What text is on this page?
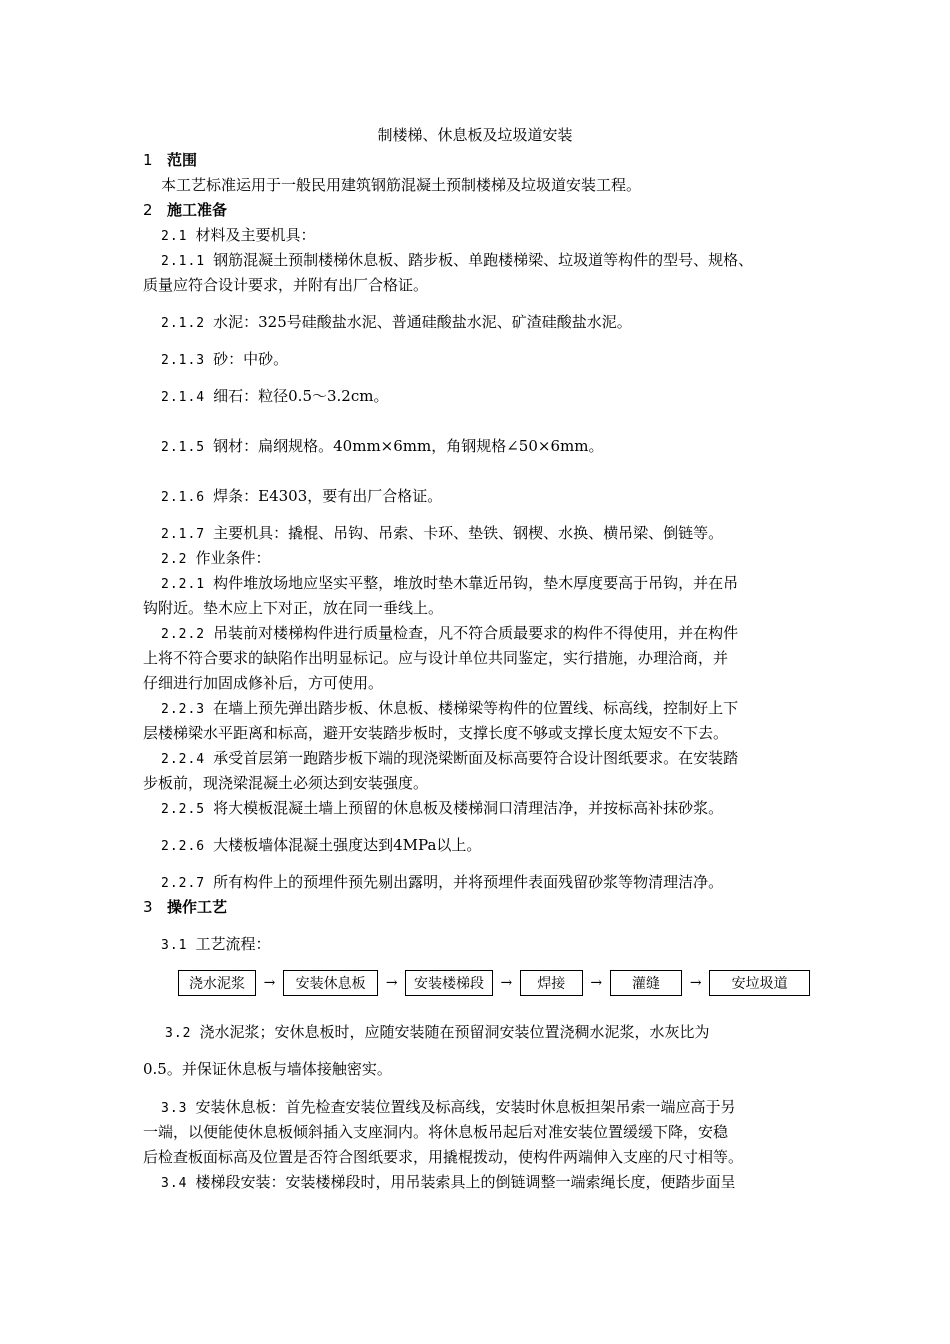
制楼梯、休息板及垃圾道安装
1 范围
本工艺标准运用于一般民用建筑钢筋混凝土预制楼梯及垃圾道安装工程。
2 施工准备
2.1 材料及主要机具：
2.1.1 钢筋混凝土预制楼梯休息板、踏步板、单跑楼梯梁、垃圾道等构件的型号、规格、
质量应符合设计要求，并附有出厂合格证。
2.1.2 水泥：325号硅酸盐水泥、普通硅酸盐水泥、矿渣硅酸盐水泥。
2.1.3 砂：中砂。
2.1.4 细石：粒径0.5～3.2cm。
2.1.5 钢材：扁纲规格。40mm×6mm，角钢规格∠50×6mm。
2.1.6 焊条：E4303，要有出厂合格证。
2.1.7 主要机具：撬棍、吊钩、吊索、卡环、垫铁、钢楔、水换、横吊梁、倒链等。
2.2 作业条件：
2.2.1 构件堆放场地应坚实平整，堆放时垫木靠近吊钩，垫木厚度要高于吊钩，并在吊
钩附近。垫木应上下对正，放在同一垂线上。
2.2.2 吊装前对楼梯构件进行质量检查，凡不符合质最要求的构件不得使用，并在构件
上将不符合要求的缺陷作出明显标记。应与设计单位共同鉴定，实行措施，办理洽商，并
仔细进行加固成修补后，方可使用。
2.2.3 在墙上预先弹出踏步板、休息板、楼梯梁等构件的位置线、标高线，控制好上下
层楼梯梁水平距离和标高，避开安装踏步板时，支撑长度不够或支撑长度太短安不下去。
2.2.4 承受首层第一跑踏步板下端的现浇梁断面及标高要符合设计图纸要求。在安装踏
步板前，现浇梁混凝土必须达到安装强度。
2.2.5 将大模板混凝土墙上预留的休息板及楼梯洞口清理洁净，并按标高补抹砂浆。
2.2.6 大楼板墙体混凝土强度达到4MPa以上。
2.2.7 所有构件上的预埋件预先剔出露明，并将预埋件表面残留砂浆等物清理洁净。
3 操作工艺
3.1 工艺流程：
3.2 浇水泥浆；安休息板时，应随安装随在预留洞安装位置浇稠水泥浆，水灰比为
0.5。并保证休息板与墙体接触密实。
3.3 安装休息板：首先检查安装位置线及标高线，安装时休息板担架吊索一端应高于另
一端，以便能使休息板倾斜插入支座洞内。将休息板吊起后对准安装位置缓缓下降，安稳
后检查板面标高及位置是否符合图纸要求，用撬棍拨动，使构件两端伸入支座的尺寸相等。
3.4 楼梯段安装：安装楼梯段时，用吊装索具上的倒链调整一端索绳长度，便踏步面呈
浇水泥浆	→	安装休息板	→	安装楼梯段	→	焊接	→	灌缝	→	安垃圾道
